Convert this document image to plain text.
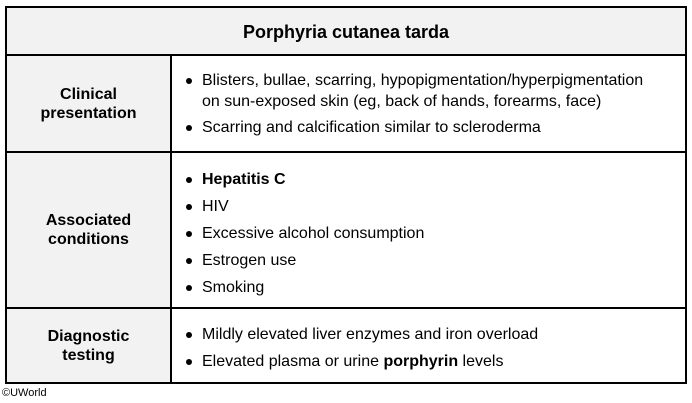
Porphyria cutanea tarda
Clinical
presentation
Blisters, bullae, scarring, hypopigmentation/hyperpigmentation
on sun-exposed skin (eg, back of hands, forearms, face)
Scarring and calcification similar to scleroderma
Associated
conditions
Hepatitis C
HIV
Excessive alcohol consumption
Estrogen use
Smoking
Diagnostic
testing
Mildly elevated liver enzymes and iron overload
Elevated plasma or urine porphyrin levels
©UWorld
